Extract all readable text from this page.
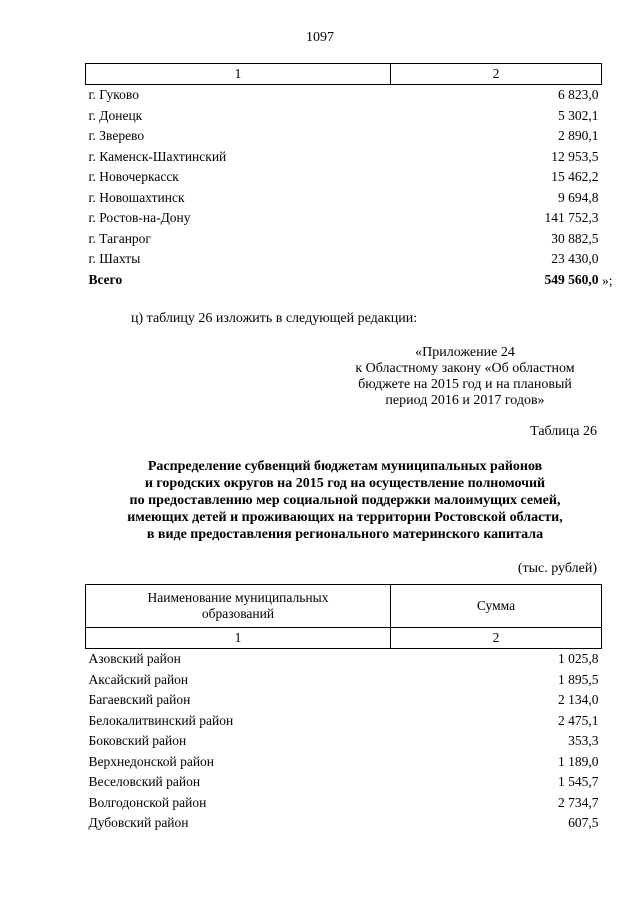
1097
1	2
г. Гуково	6 823,0
г. Донецк	5 302,1
г. Зверево	2 890,1
г. Каменск-Шахтинский	12 953,5
г. Новочеркасск	15 462,2
г. Новошахтинск	9 694,8
г. Ростов-на-Дону	141 752,3
г. Таганрог	30 882,5
г. Шахты	23 430,0
Всего	549 560,0 »;
ц) таблицу 26 изложить в следующей редакции:
«Приложение 24
к Областному закону «Об областном
бюджете на 2015 год и на плановый
период 2016 и 2017 годов»
Таблица 26
Распределение субвенций бюджетам муниципальных районов
и городских округов на 2015 год на осуществление полномочий
по предоставлению мер социальной поддержки малоимущих семей,
имеющих детей и проживающих на территории Ростовской области,
в виде предоставления регионального материнского капитала
(тыс. рублей)
Наименование муниципальных
образований	Сумма
1	2
Азовский район	1 025,8
Аксайский район	1 895,5
Багаевский район	2 134,0
Белокалитвинский район	2 475,1
Боковский район	353,3
Верхнедонской район	1 189,0
Веселовский район	1 545,7
Волгодонской район	2 734,7
Дубовский район	607,5
